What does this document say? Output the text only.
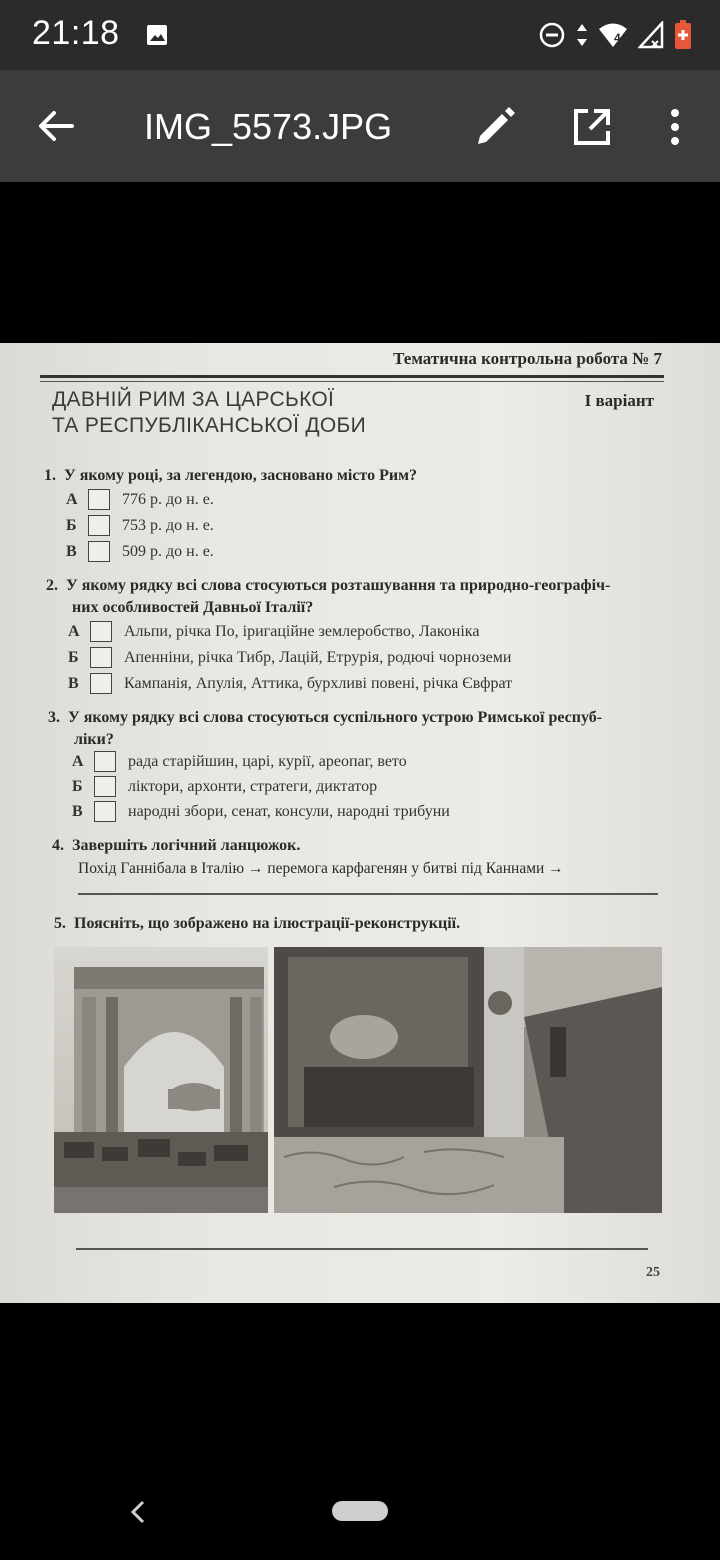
21:18	4
IMG_5573.JPG
Тематична контрольна робота № 7
ДАВНІЙ РИМ ЗА ЦАРСЬКОЇ
ТА РЕСПУБЛІКАНСЬКОЇ ДОБИ
І варіант
1. У якому році, за легендою, засновано місто Рим?
А	776 р. до н. е.
Б	753 р. до н. е.
В	509 р. до н. е.
2. У якому рядку всі слова стосуються розташування та природно-географіч-
них особливостей Давньої Італії?
А	Альпи, річка По, іригаційне землеробство, Лаконіка
Б	Апенніни, річка Тибр, Лацій, Етрурія, родючі чорноземи
В	Кампанія, Апулія, Аттика, бурхливі повені, річка Євфрат
3. У якому рядку всі слова стосуються суспільного устрою Римської респуб-
ліки?
А	рада старійшин, царі, курії, ареопаг, вето
Б	ліктори, архонти, стратеги, диктатор
В	народні збори, сенат, консули, народні трибуни
4. Завершіть логічний ланцюжок.
Похід Ганнібала в Італію → перемога карфагенян у битві під Каннами →
5. Поясніть, що зображено на ілюстрації-реконструкції.
25
